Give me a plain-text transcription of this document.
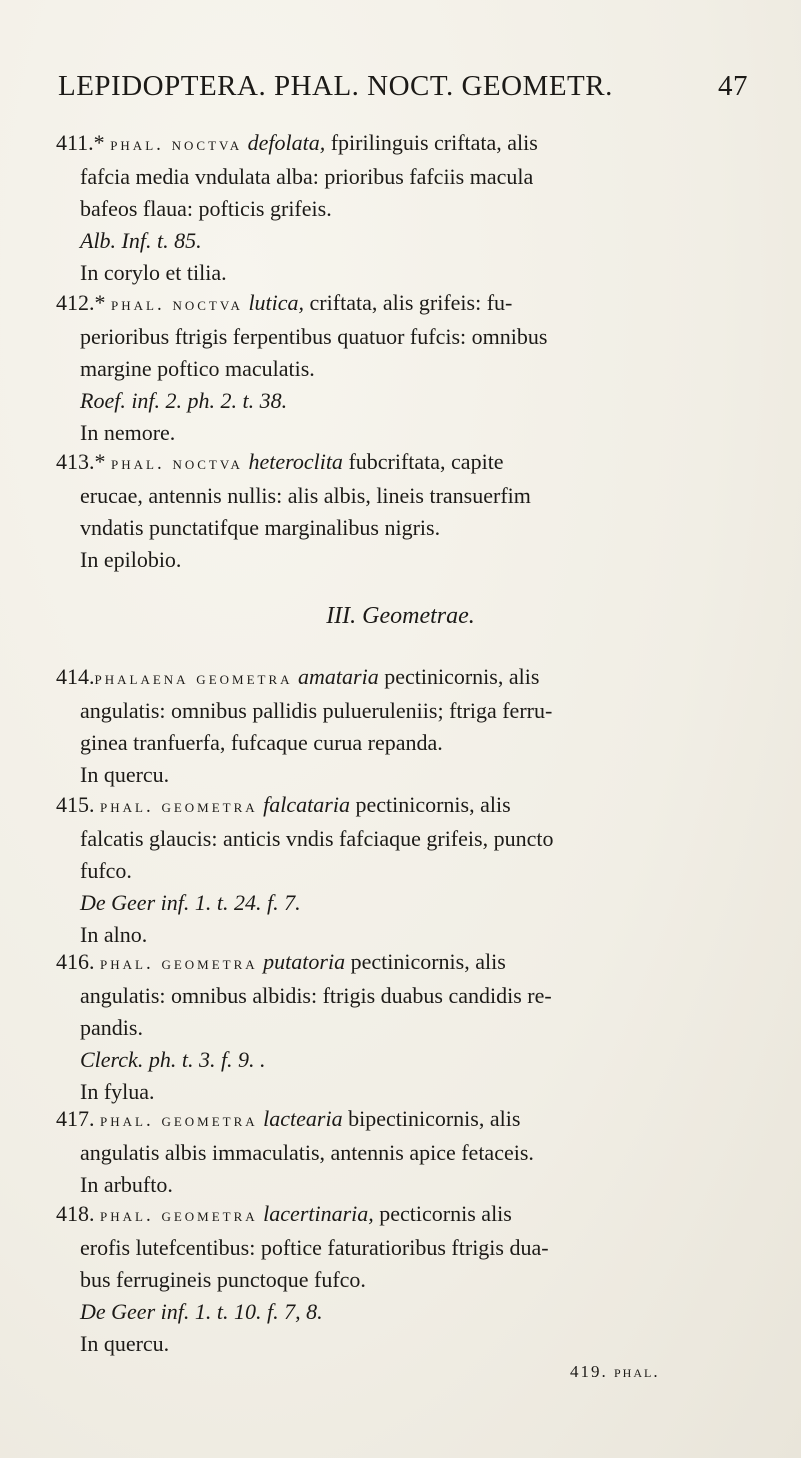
LEPIDOPTERA. PHAL. NOCT. GEOMETR.	47
411.* phal. noctva defolata, fpirilinguis criftata, alis
fafcia media vndulata alba: prioribus fafciis macula
bafeos flaua: pofticis grifeis.
Alb. Inf. t. 85.
In corylo et tilia.
412.* phal. noctva lutica, criftata, alis grifeis: fu-
perioribus ftrigis ferpentibus quatuor fufcis: omnibus
margine poftico maculatis.
Roef. inf. 2. ph. 2. t. 38.
In nemore.
413.* phal. noctva heteroclita fubcriftata, capite
erucae, antennis nullis: alis albis, lineis transuerfim
vndatis punctatifque marginalibus nigris.
In epilobio.
III. Geometrae.
414.phalaena geometra amataria pectinicornis, alis
angulatis: omnibus pallidis pulueruleniis; ftriga ferru-
ginea tranfuerfa, fufcaque curua repanda.
In quercu.
415. phal. geometra falcataria pectinicornis, alis
falcatis glaucis: anticis vndis fafciaque grifeis, puncto
fufco.
De Geer inf. 1. t. 24. f. 7.
In alno.
416. phal. geometra putatoria pectinicornis, alis
angulatis: omnibus albidis: ftrigis duabus candidis re-
pandis.
Clerck. ph. t. 3. f. 9. .
In fylua.
417. phal. geometra lactearia bipectinicornis, alis
angulatis albis immaculatis, antennis apice fetaceis.
In arbufto.
418. phal. geometra lacertinaria, pecticornis alis
erofis lutefcentibus: poftice faturatioribus ftrigis dua-
bus ferrugineis punctoque fufco.
De Geer inf. 1. t. 10. f. 7, 8.
In quercu.
419. phal.
